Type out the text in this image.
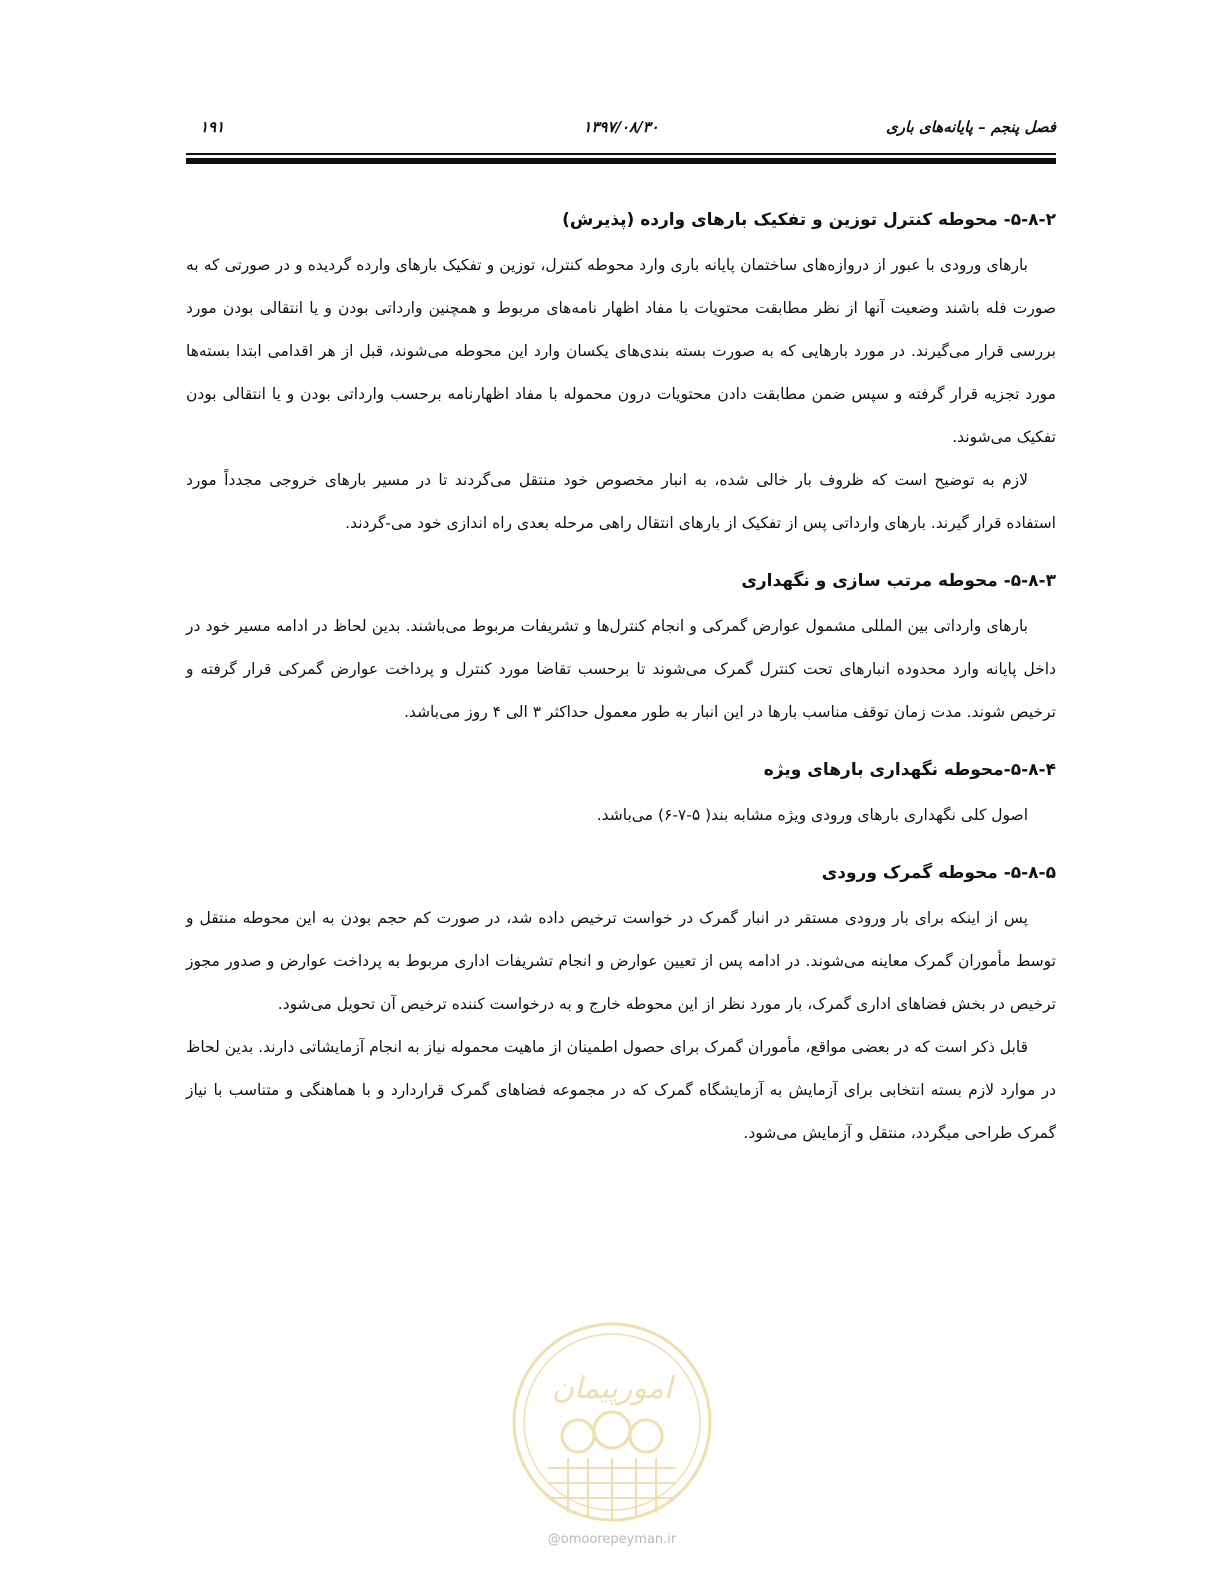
فصل پنجم – پایانه‌های باری
۱۳۹۷/۰۸/۳۰
۱۹۱
۵-۸-۲- محوطه کنترل توزین و تفکیک بارهای وارده (پذیرش)

بارهای ورودی با عبور از دروازه‌های ساختمان پایانه باری وارد محوطه کنترل، توزین و تفکیک بارهای وارده گردیده و در صورتی که به صورت فله باشند وضعیت آنها از نظر مطابقت محتویات با مفاد اظهار نامه‌های مربوط و همچنین وارداتی بودن و یا انتقالی بودن مورد بررسی قرار می‌گیرند. در مورد بارهایی که به صورت بسته بندی‌های یکسان وارد این محوطه می‌شوند، قبل از هر اقدامی ابتدا بسته‌ها مورد تجزیه قرار گرفته و سپس ضمن مطابقت دادن محتویات درون محموله با مفاد اظهارنامه برحسب وارداتی بودن و یا انتقالی بودن تفکیک می‌شوند.

لازم به توضیح است که ظروف بار خالی شده، به انبار مخصوص خود منتقل می‌گردند تا در مسیر بارهای خروجی مجدداً مورد استفاده قرار گیرند. بارهای وارداتی پس از تفکیک از بارهای انتقال راهی مرحله بعدی راه اندازی خود می-گردند.

۵-۸-۳- محوطه مرتب سازی و نگهداری

بارهای وارداتی بین المللی مشمول عوارض گمرکی و انجام کنترل‌ها و تشریفات مربوط می‌باشند. بدین لحاظ در ادامه مسیر خود در داخل پایانه وارد محدوده انبارهای تحت کنترل گمرک می‌شوند تا برحسب تقاضا مورد کنترل و پرداخت عوارض گمرکی قرار گرفته و ترخیص شوند. مدت زمان توقف مناسب بارها در این انبار به طور معمول حداکثر ۳ الی ۴ روز می‌باشد.

۵-۸-۴-محوطه نگهداری بارهای ویژه

اصول کلی نگهداری بارهای ورودی ویژه مشابه بند( ۵-۷-۶) می‌باشد.

۵-۸-۵- محوطه گمرک ورودی

پس از اینکه برای بار ورودی مستقر در انبار گمرک در خواست ترخیص داده شد، در صورت کم حجم بودن به این محوطه منتقل و توسط مأموران گمرک معاینه می‌شوند. در ادامه پس از تعیین عوارض و انجام تشریفات اداری مربوط به پرداخت عوارض و صدور مجوز ترخیص در بخش فضاهای اداری گمرک، بار مورد نظر از این محوطه خارج و به درخواست کننده ترخیص آن تحویل می‌شود.

قابل ذکر است که در بعضی مواقع، مأموران گمرک برای حصول اطمینان از ماهیت محموله نیاز به انجام آزمایشاتی دارند. بدین لحاظ در موارد لازم بسته انتخابی برای آزمایش به آزمایشگاه گمرک که در مجموعه فضاهای گمرک قراردارد و با هماهنگی و متناسب با نیاز گمرک طراحی میگردد، منتقل و آزمایش می‌شود.

امورپیمان
@omoorepeyman.ir
